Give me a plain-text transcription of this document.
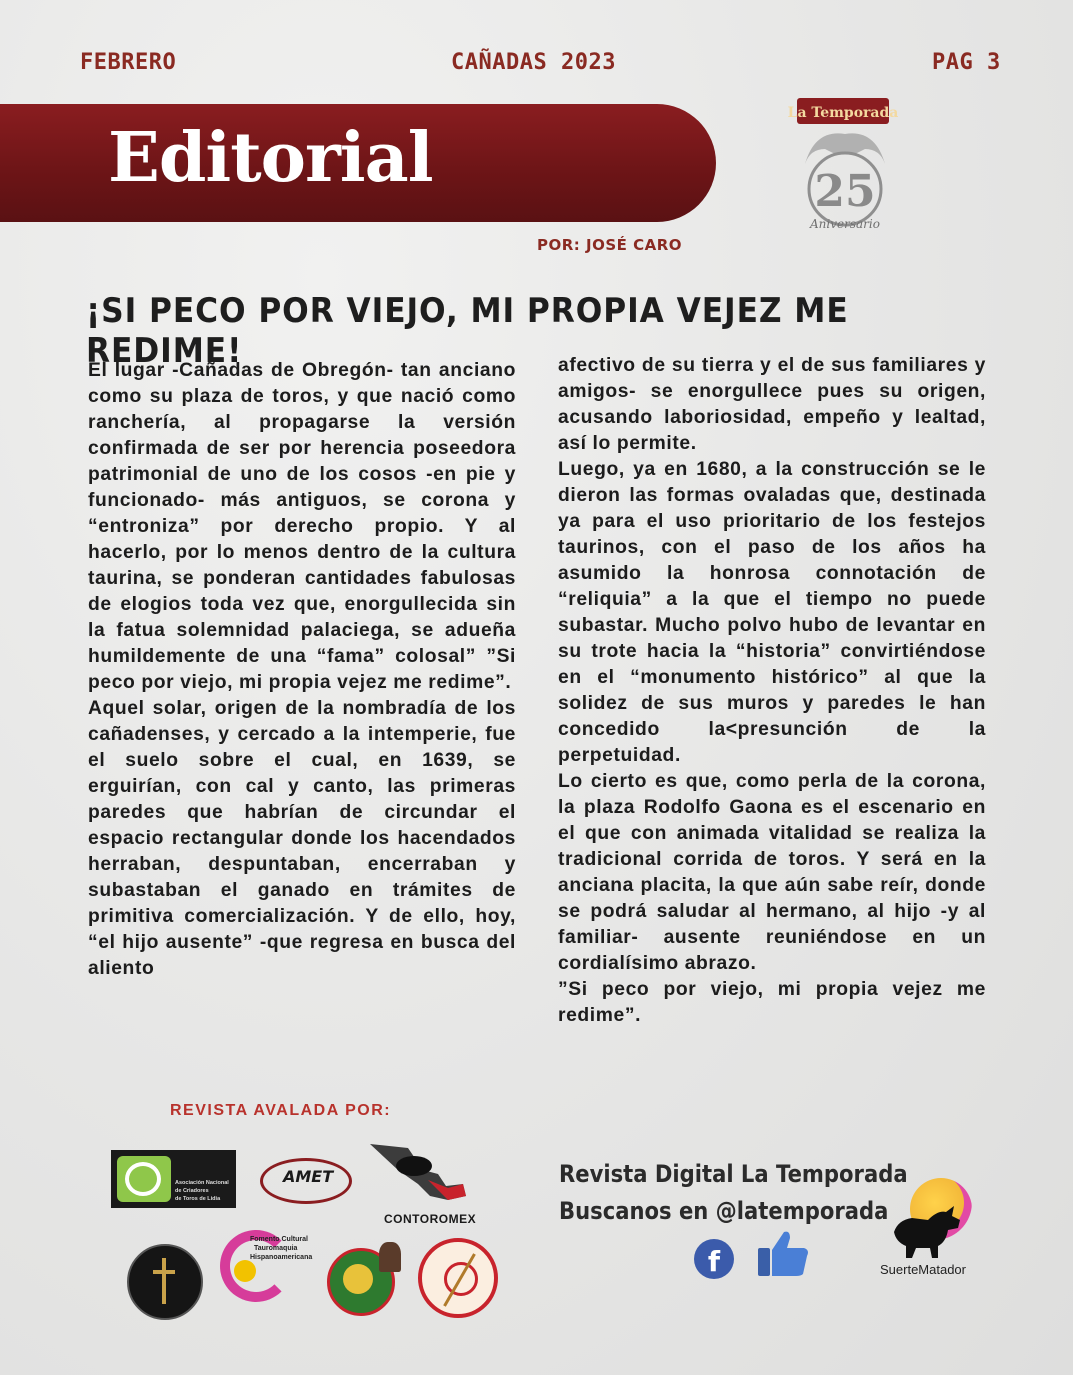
FEBRERO	CAÑADAS 2023	PAG 3
Editorial
La Temporada
25
Aniversario
POR: JOSÉ CARO
¡SI PECO POR VIEJO, MI PROPIA VEJEZ ME REDIME!

El lugar -Cañadas de Obregón- tan anciano como su plaza de toros, y que nació como ranchería, al propagarse la versión confirmada de ser por herencia poseedora patrimonial de uno de los cosos -en pie y funcionado- más antiguos, se corona y “entroniza” por derecho propio. Y al hacerlo, por lo menos dentro de la cultura taurina, se ponderan cantidades fabulosas de elogios toda vez que, enorgullecida sin la fatua solemnidad palaciega, se adueña humildemente de una “fama” colosal” ”Si peco por viejo, mi propia vejez me redime”.

Aquel solar, origen de la nombradía de los cañadenses, y cercado a la intemperie, fue el suelo sobre el cual, en 1639, se erguirían, con cal y canto, las primeras paredes que habrían de circundar el espacio rectangular donde los hacendados herraban, despuntaban, encerraban y subastaban el ganado en trámites de primitiva comercialización. Y de ello, hoy, “el hijo ausente” -que regresa en busca del aliento

afectivo de su tierra y el de sus familiares y amigos- se enorgullece pues su origen, acusando laboriosidad, empeño y lealtad, así lo permite.

Luego, ya en 1680, a la construcción se le dieron las formas ovaladas que, destinada ya para el uso prioritario de los festejos taurinos, con el paso de los años ha asumido la honrosa connotación de “reliquia” a la que el tiempo no puede subastar. Mucho polvo hubo de levantar en su trote hacia la “historia” convirtiéndose en el “monumento histórico” al que la solidez de sus muros y paredes le han concedido la<presunción de la perpetuidad.

Lo cierto es que, como perla de la corona, la plaza Rodolfo Gaona es el escenario en el que con animada vitalidad se realiza la tradicional corrida de toros. Y será en la anciana placita, la que aún sabe reír, donde se podrá saludar al hermano, al hijo -y al familiar- ausente reuniéndose en un cordialísimo abrazo.

”Si peco por viejo, mi propia vejez me redime”.

REVISTA AVALADA POR:
Asociación Nacional
de Criadores
de Toros de Lidia
AMET
CONTOROMEX
Fomento Cultural
Tauromaquia
Hispanoamericana
Revista Digital La Temporada
Buscanos en @latemporada
f	SuerteMatador
